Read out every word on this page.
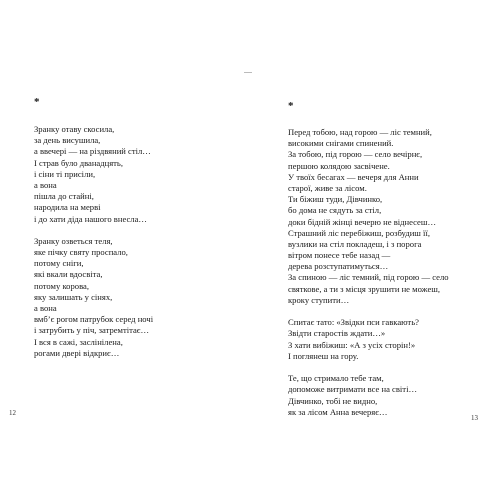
*
Зранку отаву скосила,
за день висушила,
а ввечері — на різдвяний стіл…
І страв було дванадцять,
і сіни ті присіли,
а вона
пішла до стайні,
народила на мерві
і до хати дідa нашого внесла…
Зранку озветься теля,
яке пічку святу проспало,
потому сніги,
які вкали вдосвіта,
потому корова,
яку залишать у сінях,
а вона
вмбʼє рогом патрубок серед ночі
і затрубить у піч, затремтітає…
І вся в сажі, заслінілена,
рогами двері відкриє…
12
*
Перед тобою, над горою — ліс темний,
високими снігами спинений.
За тобою, під горою — село вечірнє,
першою колядою засвічене.
У твоїх бесагах — вечеря для Анни
старої, живе за лісом.
Ти біжиш туди, Дівчинко,
бо дома не сядуть за стіл,
доки бідній жінці вечерю не віднесеш…
Страшний ліс перебіжиш, розбудиш її,
вузлики на стіл покладеш, і з порога
вітром понесе тебе назад —
дерева розступатимуться…
За спиною — ліс темний, під горою — село
святкове, а ти з місця зрушити не можеш,
кроку ступити…
Спитає тато: «Звідки пси гавкають?
Звідти старостів ждати…»
З хати вибіжиш: «А з усіх сторін!»
І поглянеш на гору.
Те, що стримало тебе там,
допоможе витримати все на світі…
Дівчинко, тобі не видно,
як за лісом Анна вечеряє…
13
